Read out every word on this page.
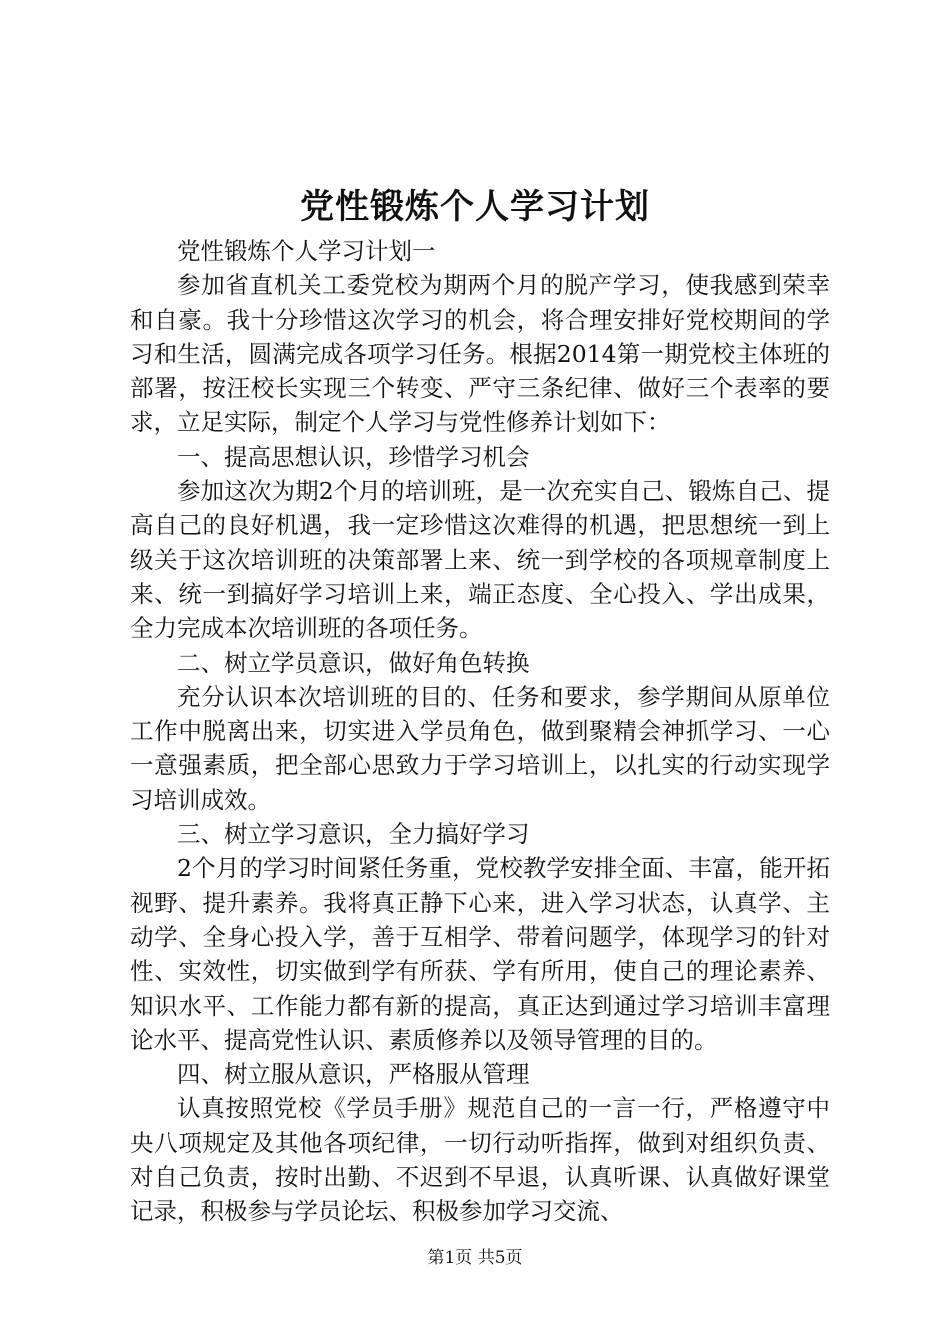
党性锻炼个人学习计划

党性锻炼个人学习计划一

参加省直机关工委党校为期两个月的脱产学习，使我感到荣幸和自豪。我十分珍惜这次学习的机会，将合理安排好党校期间的学习和生活，圆满完成各项学习任务。根据2014第一期党校主体班的部署，按汪校长实现三个转变、严守三条纪律、做好三个表率的要求，立足实际，制定个人学习与党性修养计划如下：

一、提高思想认识，珍惜学习机会

参加这次为期2个月的培训班，是一次充实自己、锻炼自己、提高自己的良好机遇，我一定珍惜这次难得的机遇，把思想统一到上级关于这次培训班的决策部署上来、统一到学校的各项规章制度上来、统一到搞好学习培训上来，端正态度、全心投入、学出成果，全力完成本次培训班的各项任务。

二、树立学员意识，做好角色转换

充分认识本次培训班的目的、任务和要求，参学期间从原单位工作中脱离出来，切实进入学员角色，做到聚精会神抓学习、一心一意强素质，把全部心思致力于学习培训上，以扎实的行动实现学习培训成效。

三、树立学习意识，全力搞好学习

2个月的学习时间紧任务重，党校教学安排全面、丰富，能开拓视野、提升素养。我将真正静下心来，进入学习状态，认真学、主动学、全身心投入学，善于互相学、带着问题学，体现学习的针对性、实效性，切实做到学有所获、学有所用，使自己的理论素养、知识水平、工作能力都有新的提高，真正达到通过学习培训丰富理论水平、提高党性认识、素质修养以及领导管理的目的。

四、树立服从意识，严格服从管理

认真按照党校《学员手册》规范自己的一言一行，严格遵守中央八项规定及其他各项纪律，一切行动听指挥，做到对组织负责、对自己负责，按时出勤、不迟到不早退，认真听课、认真做好课堂记录，积极参与学员论坛、积极参加学习交流、

第1页 共5页
